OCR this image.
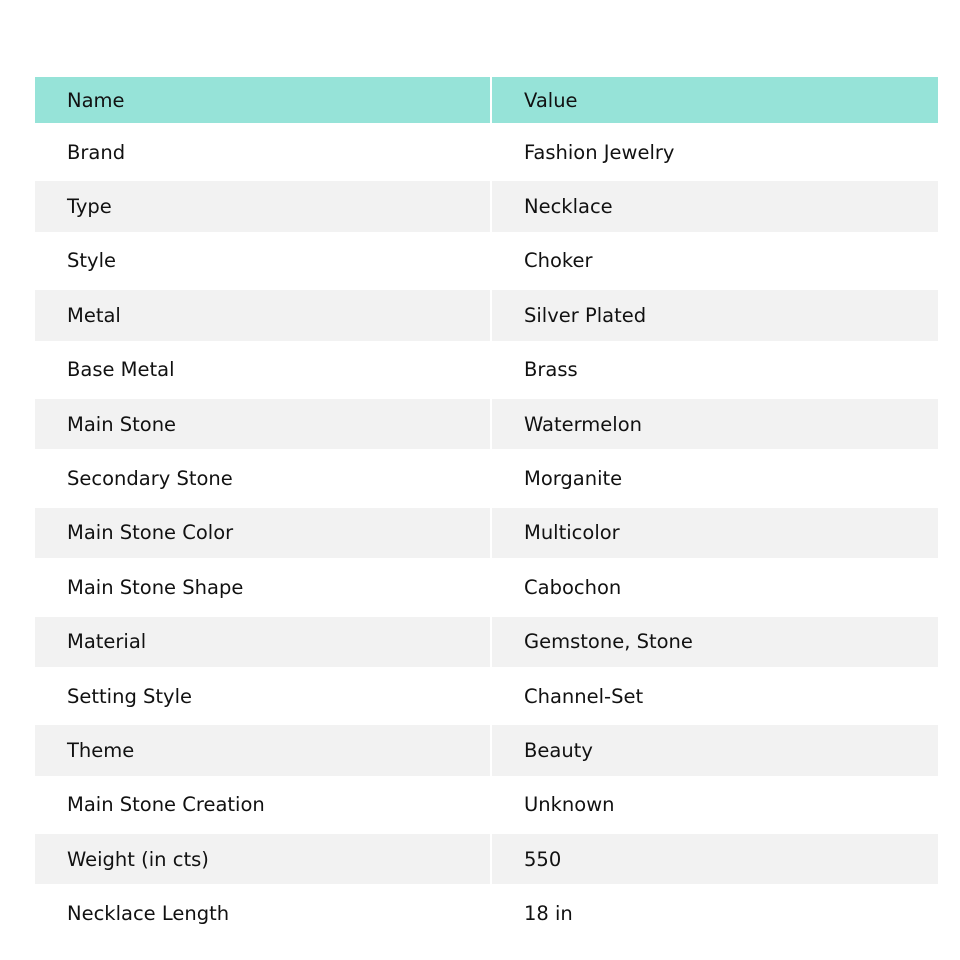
Name	Value
Brand	Fashion Jewelry
Type	Necklace
Style	Choker
Metal	Silver Plated
Base Metal	Brass
Main Stone	Watermelon
Secondary Stone	Morganite
Main Stone Color	Multicolor
Main Stone Shape	Cabochon
Material	Gemstone, Stone
Setting Style	Channel-Set
Theme	Beauty
Main Stone Creation	Unknown
Weight (in cts)	550
Necklace Length	18 in
